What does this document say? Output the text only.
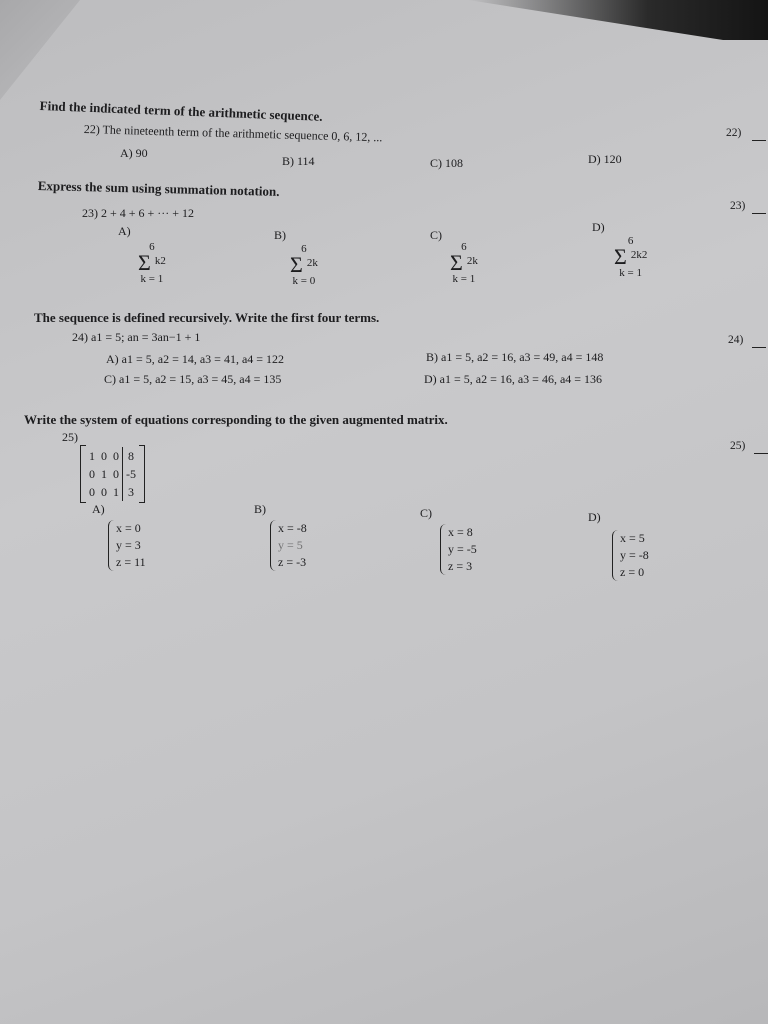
Find the indicated term of the arithmetic sequence.
22) The nineteenth term of the arithmetic sequence 0, 6, 12, ...	22)
A) 90
B) 114	C) 108	D) 120
Express the sum using summation notation.
23) 2 + 4 + 6 + ··· + 12	23)
A)	B)	C)
D)
6
Σ k2
k = 1
6
Σ 2k
k = 0
6
Σ 2k
k = 1
6
Σ 2k2
k = 1
The sequence is defined recursively. Write the first four terms.
24) a1 = 5; an = 3an−1 + 1	24)
A) a1 = 5, a2 = 14, a3 = 41, a4 = 122	B) a1 = 5, a2 = 16, a3 = 49, a4 = 148
C) a1 = 5, a2 = 15, a3 = 45, a4 = 135	D) a1 = 5, a2 = 16, a3 = 46, a4 = 136
Write the system of equations corresponding to the given augmented matrix.
25)
25)
1	0	0	8
0	1	0	-5
0	0	1	3
A)	B)	C)	D)
x = 0
y = 3
z = 11
x = -8
y = 5
z = -3
x = 8
y = -5
z = 3
x = 5
y = -8
z = 0
